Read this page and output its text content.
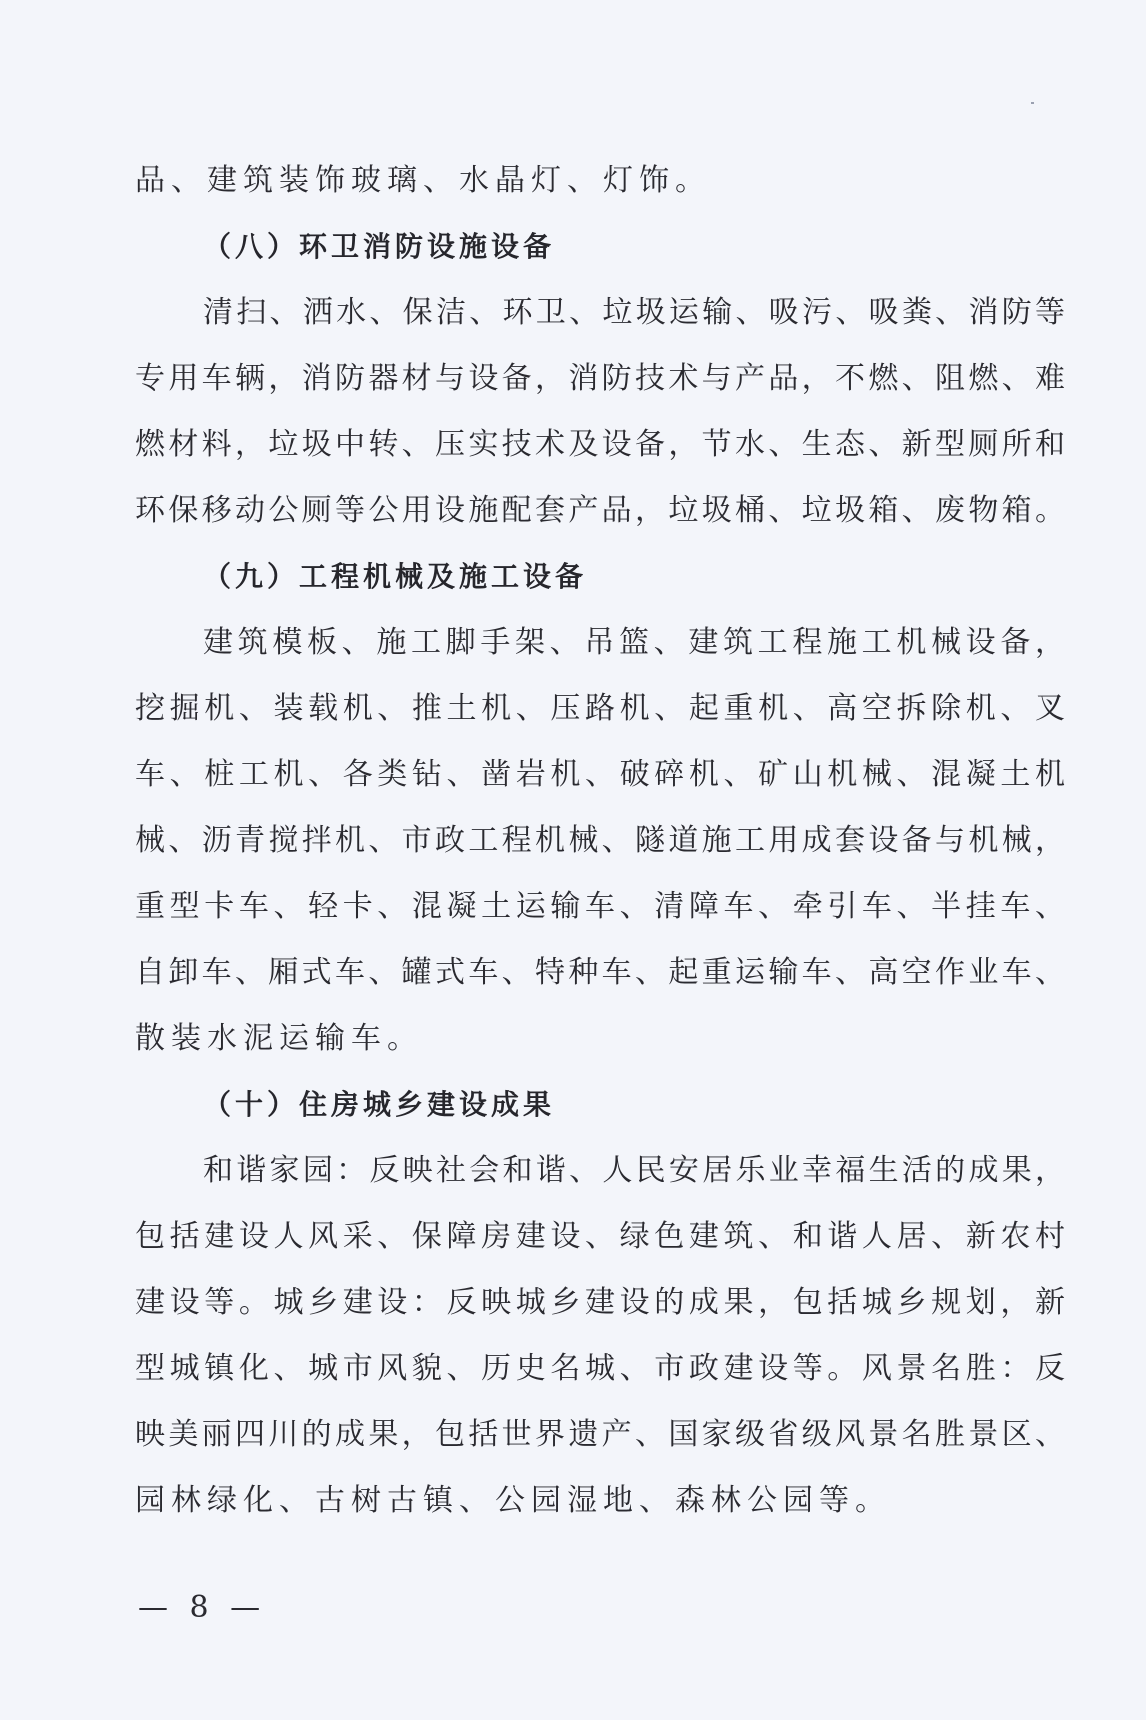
品、建筑装饰玻璃、水晶灯、灯饰。
（八）环卫消防设施设备
清扫、洒水、保洁、环卫、垃圾运输、吸污、吸粪、消防等
专用车辆，消防器材与设备，消防技术与产品，不燃、阻燃、难
燃材料，垃圾中转、压实技术及设备，节水、生态、新型厕所和
环保移动公厕等公用设施配套产品，垃圾桶、垃圾箱、废物箱。
（九）工程机械及施工设备
建筑模板、施工脚手架、吊篮、建筑工程施工机械设备，
挖掘机、装载机、推土机、压路机、起重机、高空拆除机、叉
车、桩工机、各类钻、凿岩机、破碎机、矿山机械、混凝土机
械、沥青搅拌机、市政工程机械、隧道施工用成套设备与机械，
重型卡车、轻卡、混凝土运输车、清障车、牵引车、半挂车、
自卸车、厢式车、罐式车、特种车、起重运输车、高空作业车、
散装水泥运输车。
（十）住房城乡建设成果
和谐家园：反映社会和谐、人民安居乐业幸福生活的成果，
包括建设人风采、保障房建设、绿色建筑、和谐人居、新农村
建设等。城乡建设：反映城乡建设的成果，包括城乡规划，新
型城镇化、城市风貌、历史名城、市政建设等。风景名胜：反
映美丽四川的成果，包括世界遗产、国家级省级风景名胜景区、
园林绿化、古树古镇、公园湿地、森林公园等。
— 8 —
